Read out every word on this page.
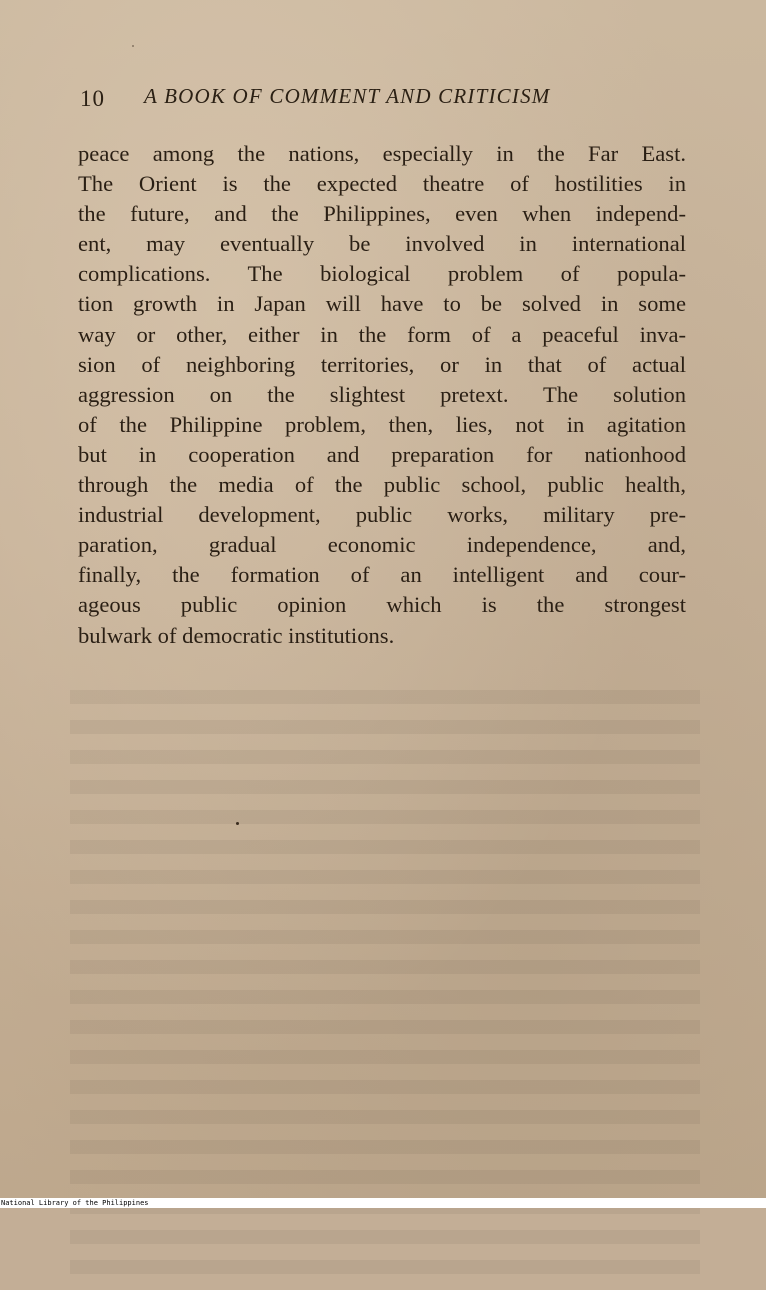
10 A BOOK OF COMMENT AND CRITICISM
peace among the nations, especially in the Far East.
The Orient is the expected theatre of hostilities in
the future, and the Philippines, even when independ-
ent, may eventually be involved in international
complications. The biological problem of popula-
tion growth in Japan will have to be solved in some
way or other, either in the form of a peaceful inva-
sion of neighboring territories, or in that of actual
aggression on the slightest pretext. The solution
of the Philippine problem, then, lies, not in agitation
but in cooperation and preparation for nationhood
through the media of the public school, public health,
industrial development, public works, military pre-
paration, gradual economic independence, and,
finally, the formation of an intelligent and cour-
ageous public opinion which is the strongest
bulwark of democratic institutions.
National Library of the Philippines
